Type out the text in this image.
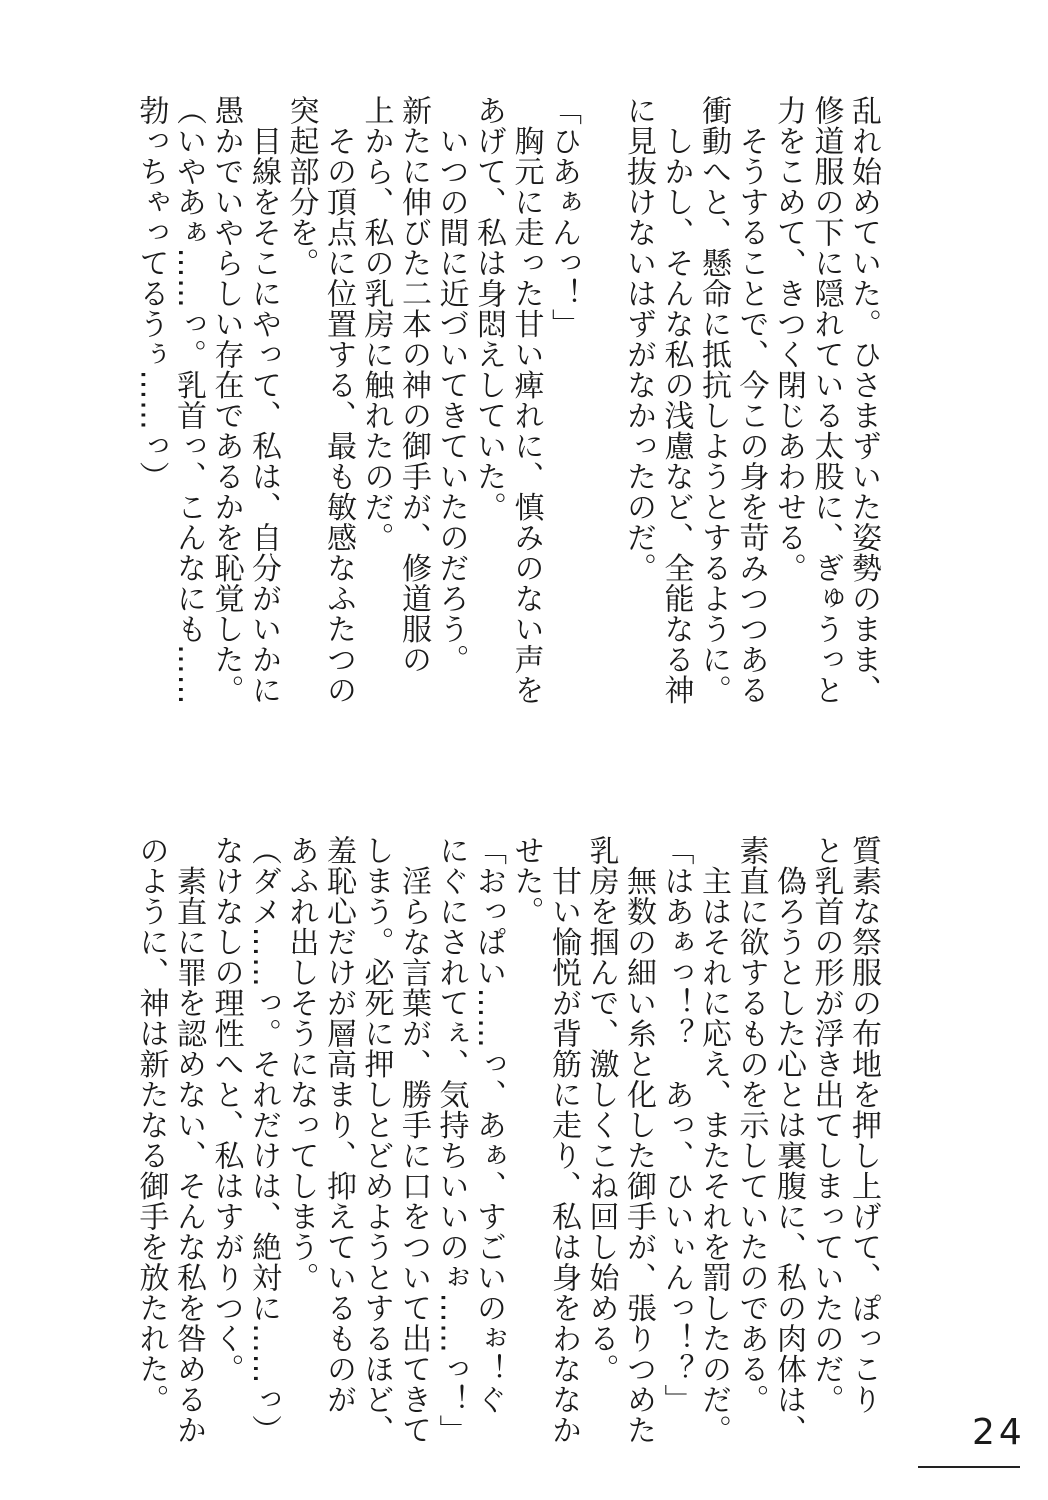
乱れ始めていた。ひさまずいた姿勢のまま、
修道服の下に隠れている太股に、ぎゅうっと
力をこめて、きつく閉じあわせる。
　そうすることで、今この身を苛みつつある
衝動へと、懸命に抵抗しようとするように。
　しかし、そんな私の浅慮など、全能なる神
に見抜けないはずがなかったのだ。
「ひあぁんっ！」
　胸元に走った甘い痺れに、慎みのない声を
あげて、私は身悶えしていた。
　いつの間に近づいてきていたのだろう。
新たに伸びた二本の神の御手が、修道服の
上から、私の乳房に触れたのだ。
　その頂点に位置する、最も敏感なふたつの
突起部分を。
　目線をそこにやって、私は、自分がいかに
愚かでいやらしい存在であるかを恥覚した。
（いやあぁ……っ。乳首っ、こんなにも……
勃っちゃってるうぅ……っ）
質素な祭服の布地を押し上げて、ぽっこり
と乳首の形が浮き出てしまっていたのだ。
　偽ろうとした心とは裏腹に、私の肉体は、
素直に欲するものを示していたのである。
　主はそれに応え、またそれを罰したのだ。
「はあぁっ！？　あっ、ひいぃんっ！？」
　無数の細い糸と化した御手が、張りつめた
乳房を掴んで、激しくこね回し始める。
　甘い愉悦が背筋に走り、私は身をわななか
せた。
「おっぱい……っ、あぁ、すごいのぉ！ぐ
にぐにされてぇ、気持ちいいのぉ……っ！」
　淫らな言葉が、勝手に口をついて出てきて
しまう。必死に押しとどめようとするほど、
羞恥心だけが層高まり、抑えているものが
あふれ出しそうになってしまう。
（ダメ……っ。それだけは、絶対に……っ）
なけなしの理性へと、私はすがりつく。
　素直に罪を認めない、そんな私を咎めるか
のように、神は新たなる御手を放たれた。
24
